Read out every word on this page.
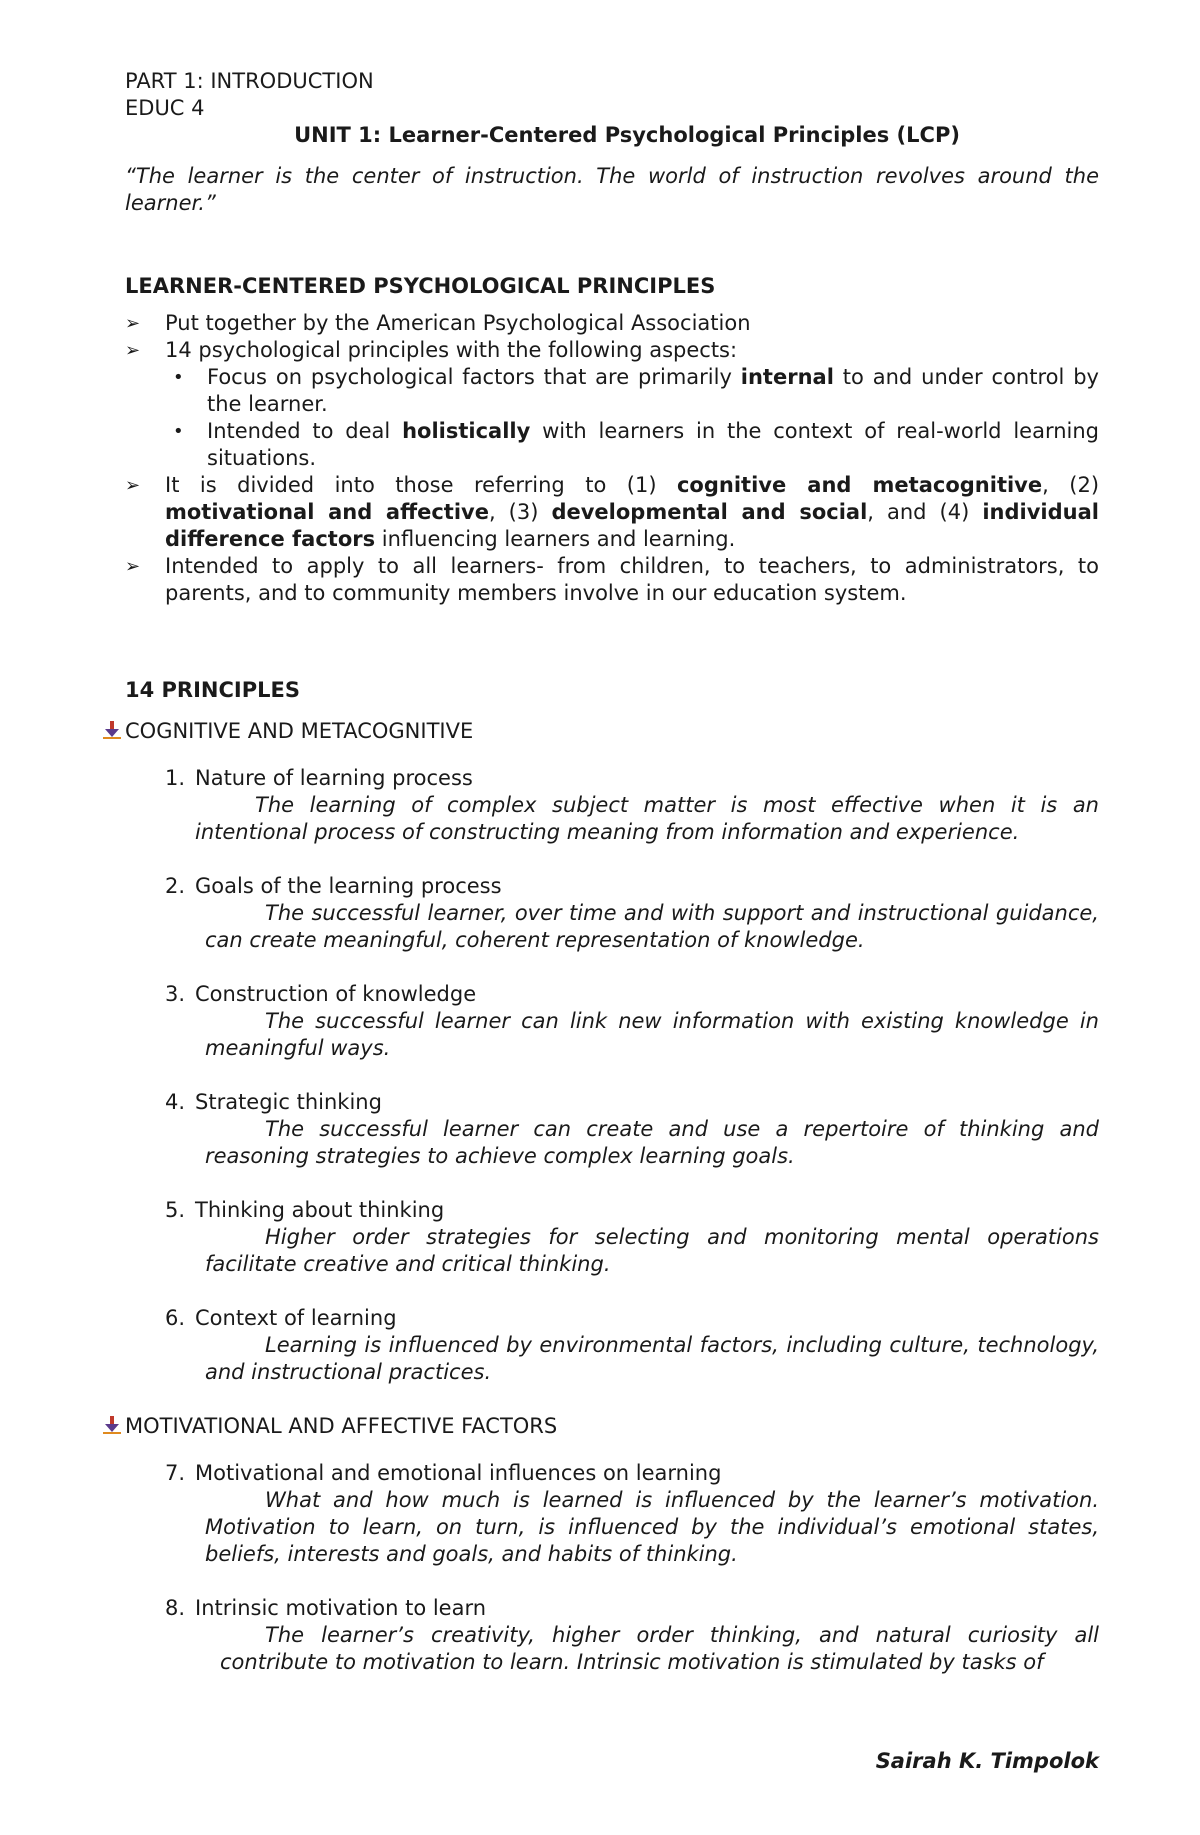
PART 1: INTRODUCTION

EDUC 4

UNIT 1: Learner-Centered Psychological Principles (LCP)

“The learner is the center of instruction. The world of instruction revolves around the learner.”

LEARNER-CENTERED PSYCHOLOGICAL PRINCIPLES

➢ Put together by the American Psychological Association
➢ 14 psychological principles with the following aspects:
• Focus on psychological factors that are primarily internal to and under control by the learner.
• Intended to deal holistically with learners in the context of real-world learning situations.
➢ It is divided into those referring to (1) cognitive and metacognitive, (2) motivational and affective, (3) developmental and social, and (4) individual difference factors influencing learners and learning.
➢ Intended to apply to all learners- from children, to teachers, to administrators, to parents, and to community members involve in our education system.

14 PRINCIPLES

COGNITIVE AND METACOGNITIVE
1. Nature of learning process
The learning of complex subject matter is most effective when it is an intentional process of constructing meaning from information and experience.
2. Goals of the learning process
The successful learner, over time and with support and instructional guidance, can create meaningful, coherent representation of knowledge.
3. Construction of knowledge
The successful learner can link new information with existing knowledge in meaningful ways.
4. Strategic thinking
The successful learner can create and use a repertoire of thinking and reasoning strategies to achieve complex learning goals.
5. Thinking about thinking
Higher order strategies for selecting and monitoring mental operations facilitate creative and critical thinking.
6. Context of learning
Learning is influenced by environmental factors, including culture, technology, and instructional practices.
MOTIVATIONAL AND AFFECTIVE FACTORS
7. Motivational and emotional influences on learning
What and how much is learned is influenced by the learner’s motivation. Motivation to learn, on turn, is influenced by the individual’s emotional states, beliefs, interests and goals, and habits of thinking.
8. Intrinsic motivation to learn
The learner’s creativity, higher order thinking, and natural curiosity all contribute to motivation to learn. Intrinsic motivation is stimulated by tasks of
Sairah K. Timpolok
